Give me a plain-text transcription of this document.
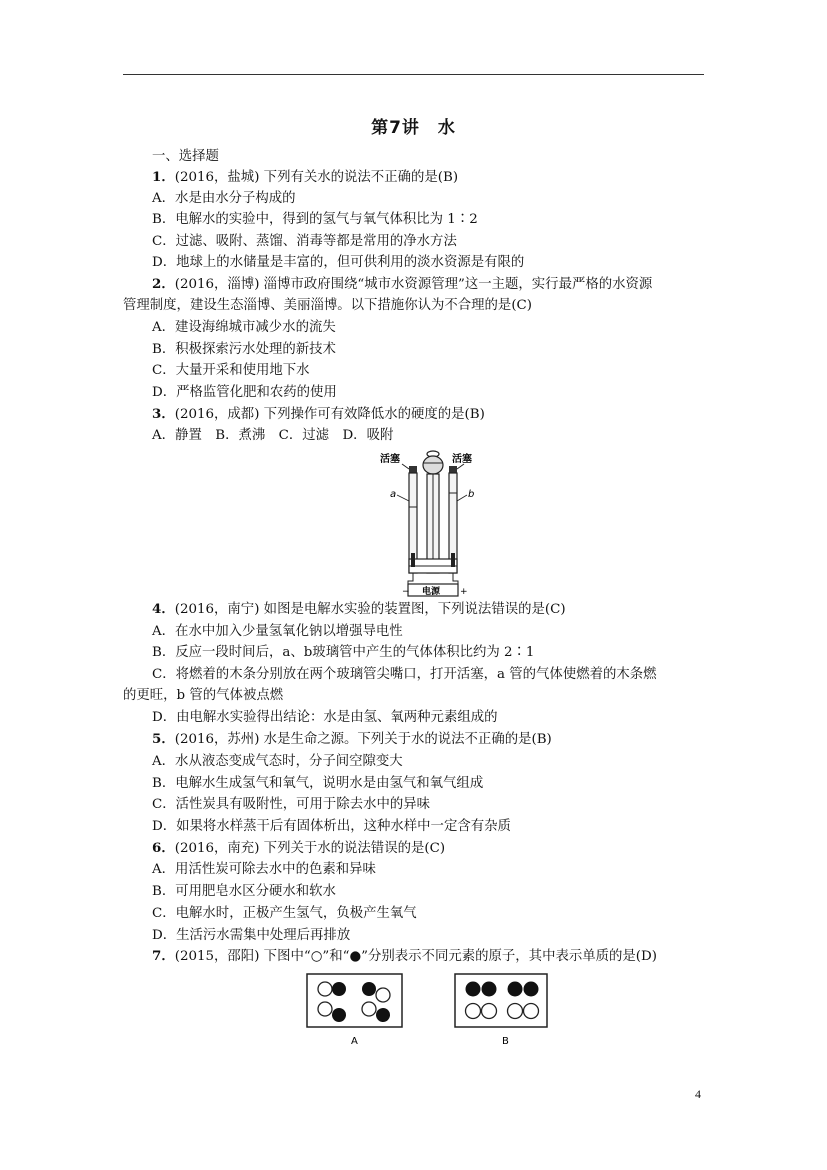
第7讲　水
一、选择题
1．(2016，盐城) 下列有关水的说法不正确的是(B)
A．水是由水分子构成的
B．电解水的实验中，得到的氢气与氧气体积比为 1∶2
C．过滤、吸附、蒸馏、消毒等都是常用的净水方法
D．地球上的水储量是丰富的，但可供利用的淡水资源是有限的
2．(2016，淄博) 淄博市政府围绕“城市水资源管理”这一主题，实行最严格的水资源
管理制度，建设生态淄博、美丽淄博。以下措施你认为不合理的是(C)
A．建设海绵城市减少水的流失
B．积极探索污水处理的新技术
C．大量开采和使用地下水
D．严格监管化肥和农药的使用
3．(2016，成都) 下列操作可有效降低水的硬度的是(B)
A．静置　B．煮沸　C．过滤　D．吸附
活塞	活塞
a	b
电源
−	+
4．(2016，南宁) 如图是电解水实验的装置图，下列说法错误的是(C)
A．在水中加入少量氢氧化钠以增强导电性
B．反应一段时间后，a、b玻璃管中产生的气体体积比约为 2∶1
C．将燃着的木条分别放在两个玻璃管尖嘴口，打开活塞，a 管的气体使燃着的木条燃
的更旺，b 管的气体被点燃
D．由电解水实验得出结论：水是由氢、氧两种元素组成的
5．(2016，苏州) 水是生命之源。下列关于水的说法不正确的是(B)
A．水从液态变成气态时，分子间空隙变大
B．电解水生成氢气和氧气，说明水是由氢气和氧气组成
C．活性炭具有吸附性，可用于除去水中的异味
D．如果将水样蒸干后有固体析出，这种水样中一定含有杂质
6．(2016，南充) 下列关于水的说法错误的是(C)
A．用活性炭可除去水中的色素和异味
B．可用肥皂水区分硬水和软水
C．电解水时，正极产生氢气，负极产生氧气
D．生活污水需集中处理后再排放
7．(2015，邵阳) 下图中“○”和“●”分别表示不同元素的原子，其中表示单质的是(D)
A	B
4
